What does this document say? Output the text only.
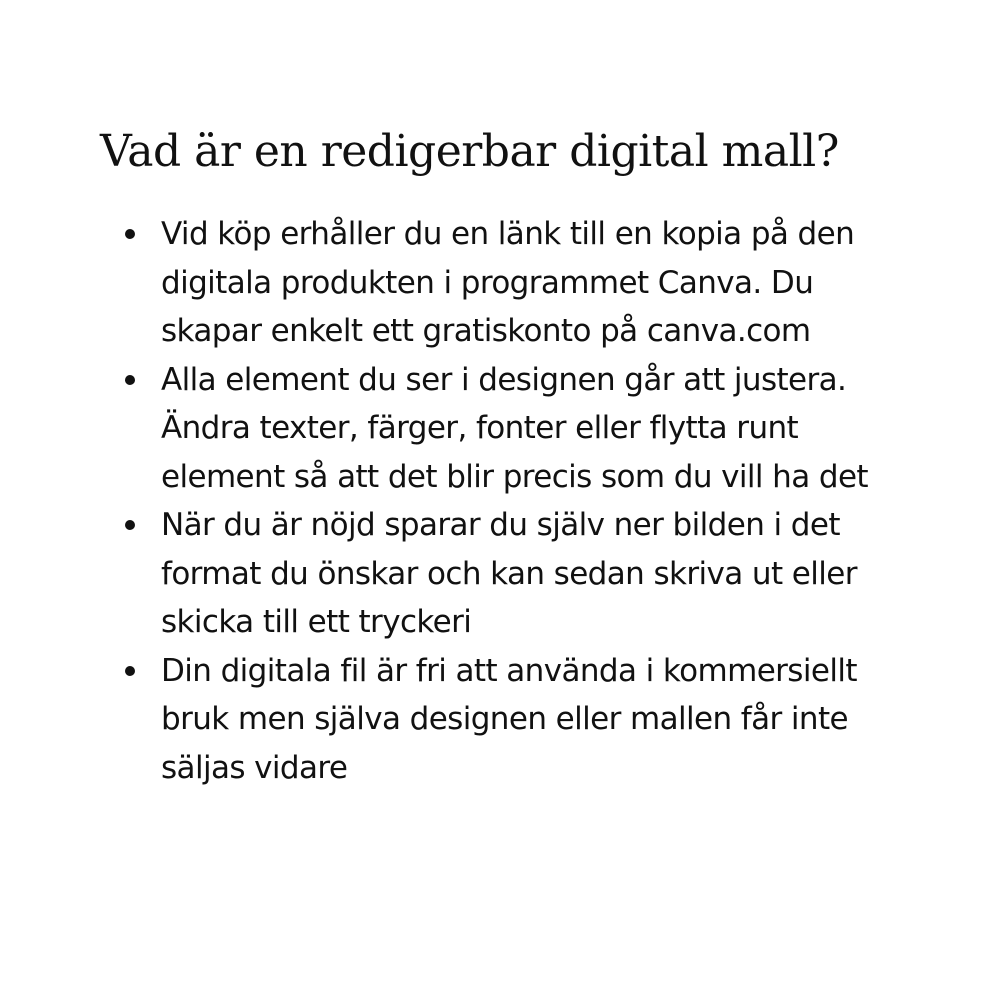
Vad är en redigerbar digital mall?
Vid köp erhåller du en länk till en kopia på den digitala produkten i programmet Canva. Du skapar enkelt ett gratiskonto på canva.com
Alla element du ser i designen går att justera. Ändra texter, färger, fonter eller flytta runt element så att det blir precis som du vill ha det
När du är nöjd sparar du själv ner bilden i det format du önskar och kan sedan skriva ut eller skicka till ett tryckeri
Din digitala fil är fri att använda i kommersiellt bruk men själva designen eller mallen får inte säljas vidare
